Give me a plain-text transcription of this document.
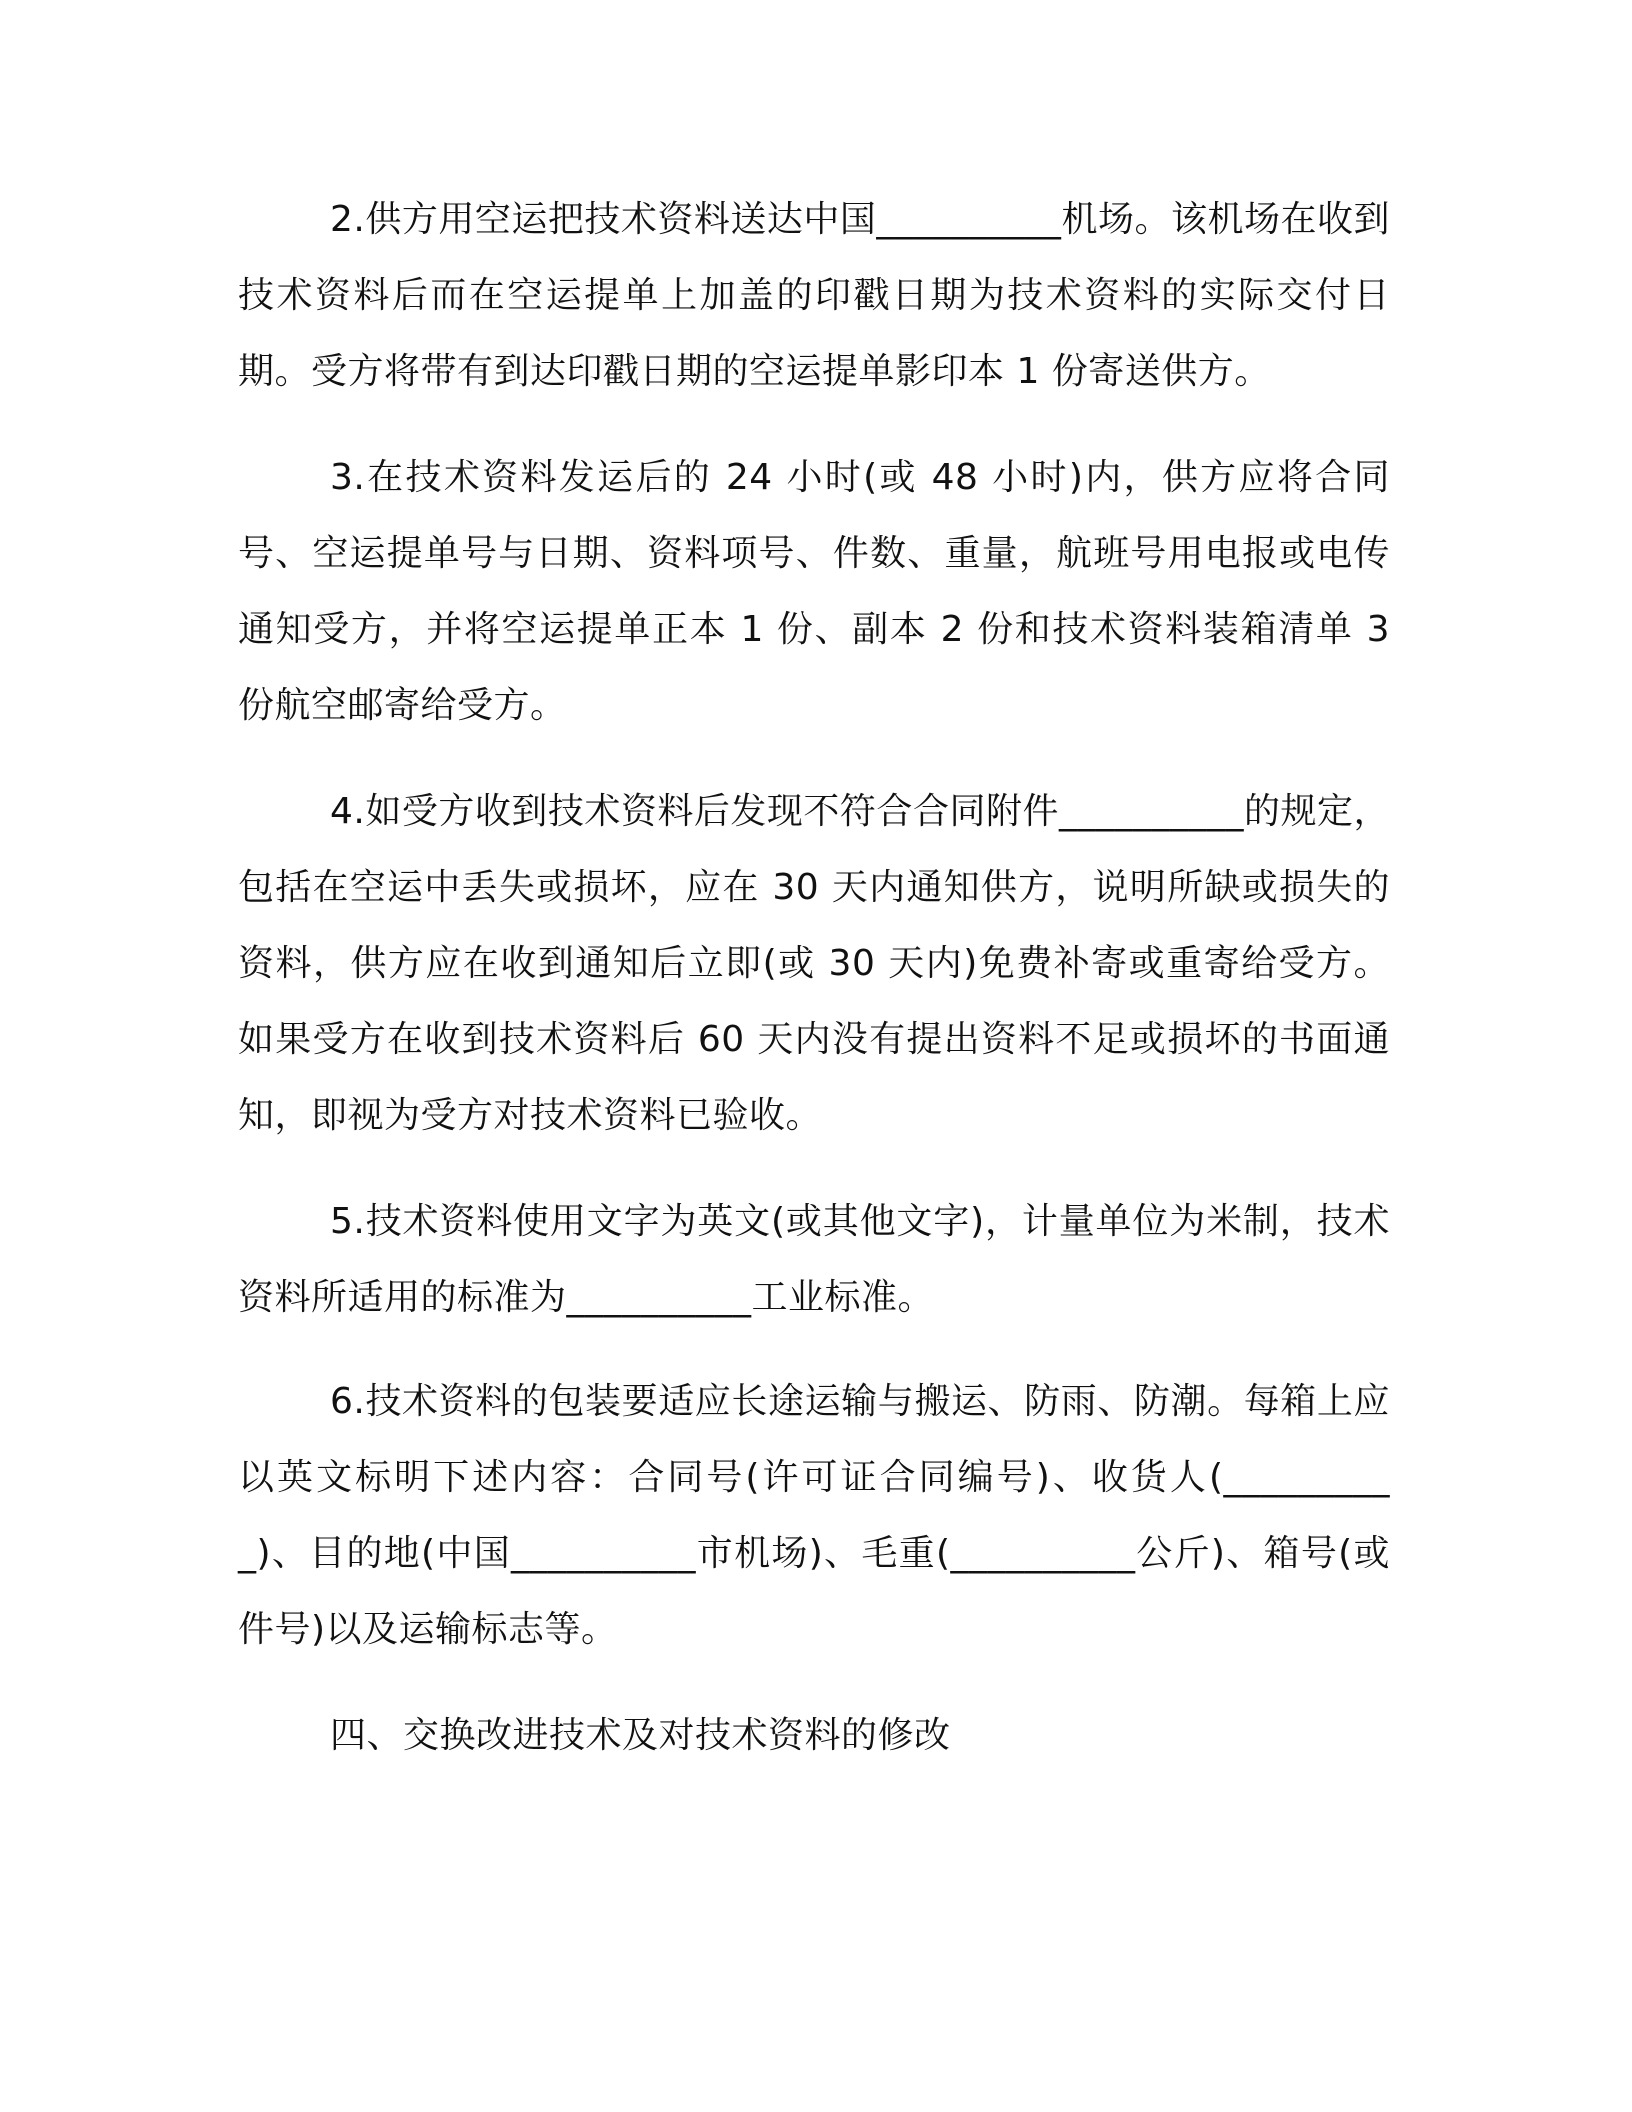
2.供方用空运把技术资料送达中国__________机场。该机场在收到技术资料后而在空运提单上加盖的印戳日期为技术资料的实际交付日期。受方将带有到达印戳日期的空运提单影印本 1 份寄送供方。

3.在技术资料发运后的 24 小时(或 48 小时)内，供方应将合同号、空运提单号与日期、资料项号、件数、重量，航班号用电报或电传通知受方，并将空运提单正本 1 份、副本 2 份和技术资料装箱清单 3 份航空邮寄给受方。

4.如受方收到技术资料后发现不符合合同附件__________的规定，包括在空运中丢失或损坏，应在 30 天内通知供方，说明所缺或损失的资料，供方应在收到通知后立即(或 30 天内)免费补寄或重寄给受方。如果受方在收到技术资料后 60 天内没有提出资料不足或损坏的书面通知，即视为受方对技术资料已验收。

5.技术资料使用文字为英文(或其他文字)，计量单位为米制，技术资料所适用的标准为__________工业标准。

6.技术资料的包装要适应长途运输与搬运、防雨、防潮。每箱上应以英文标明下述内容：合同号(许可证合同编号)、收货人(__________)、目的地(中国__________市机场)、毛重(__________公斤)、箱号(或件号)以及运输标志等。

四、交换改进技术及对技术资料的修改
